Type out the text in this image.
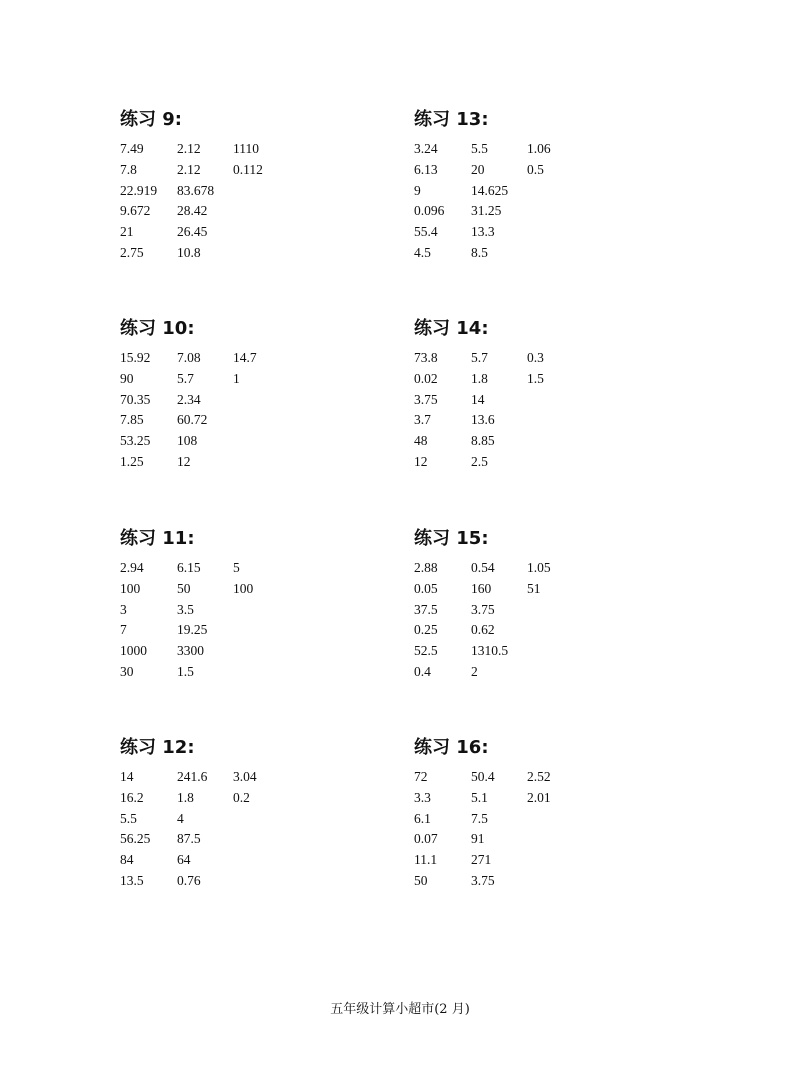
练习 9:
7.49	2.12	1110
7.8	2.12	0.112
22.919	83.678	
9.672	28.42	
21	26.45	
2.75	10.8	
练习 13:
3.24	5.5	1.06
6.13	20	0.5
9	14.625	
0.096	31.25	
55.4	13.3	
4.5	8.5	
练习 10:
15.92	7.08	14.7
90	5.7	1
70.35	2.34	
7.85	60.72	
53.25	108	
1.25	12	
练习 14:
73.8	5.7	0.3
0.02	1.8	1.5
3.75	14	
3.7	13.6	
48	8.85	
12	2.5	
练习 11:
2.94	6.15	5
100	50	100
3	3.5	
7	19.25	
1000	3300	
30	1.5	
练习 15:
2.88	0.54	1.05
0.05	160	51
37.5	3.75	
0.25	0.62	
52.5	1310.5	
0.4	2	
练习 12:
14	241.6	3.04
16.2	1.8	0.2
5.5	4	
56.25	87.5	
84	64	
13.5	0.76	
练习 16:
72	50.4	2.52
3.3	5.1	2.01
6.1	7.5	
0.07	91	
11.1	271	
50	3.75	
五年级计算小超市(2 月)
